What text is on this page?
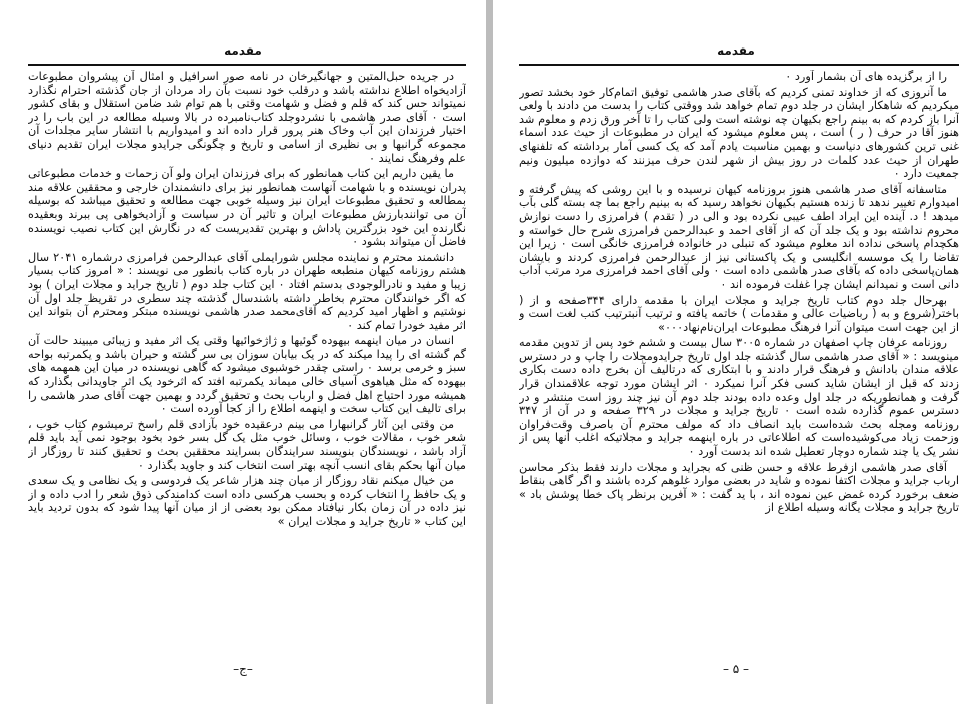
مقدمه

در جریده حبل‌المتین و جهانگیرخان در نامه صور اسرافیل و امثال آن پیشروان مطبوعات آزادیخواه اطلاع نداشته باشد و درقلب خود نسبت بآن راد مردان از جان گذشته احترام نگذارد نمیتواند حس کند که قلم و فضل و شهامت وقتی با هم توام شد ضامن استقلال و بقای کشور است ۰ آقای صدر هاشمی با نشردوجلد کتاب‌نامبرده در بالا وسیله مطالعه در این باب را در اختیار فرزندان این آب وخاک هنر پرور قرار داده اند و امیدواریم با انتشار سایر مجلدات آن مجموعه گرانبها و بی نظیری از اسامی و تاریخ و چگونگی جرایدو مجلات ایران تقدیم دنیای علم وفرهنگ نمایند ۰

ما یقین داریم این کتاب همانطور که برای فرزندان ایران ولو آن زحمات و خدمات مطبوعاتی پدران نویسنده و با شهامت آنهاست همانطور نیز برای دانشمندان خارجی و محققین علاقه مند بمطالعه و تحقیق مطبوعات ایران نیز وسیله خوبی جهت مطالعه و تحقیق میباشد که بوسیله آن می توانندبارزش مطبوعات ایران و تاثیر آن در سیاست و آزادیخواهی پی ببرند وبعقیده نگارنده این خود بزرگترین پاداش و بهترین تقدیریست که در نگارش این کتاب نصیب نویسنده فاضل آن میتواند بشود ۰

دانشمند محترم و نماینده مجلس شورایملی آقای عبدالرحمن فرامرزی درشماره ۲۰۴۱ سال هشتم روزنامه کیهان منطبعه طهران در باره کتاب بانطور می نویسند : « امروز کتاب بسیار زیبا و مفید و نادرالوجودی بدستم افتاد ۰ این کتاب جلد دوم ( تاریخ جراید و مجلات ایران ) بود که اگر خوانندگان محترم بخاطر داشته باشندسال گذشته چند سطری در تقریظ جلد اول آن نوشتیم و اظهار امید کردیم که آقای‌محمد صدر هاشمی نویسنده مبتکر ومحترم آن بتواند این اثر مفید خودرا تمام کند ۰

انسان در میان اینهمه بیهوده گوئیها و ژاژخوائیها وقتی یک اثر مفید و زیبائی میبیند حالت آن گم گشته ای را پیدا میکند که در یک بیابان سوزان بی سر گشته و حیران باشد و یکمرتبه بواحه سبز و خرمی برسد ۰ راستی چقدر خوشبوی میشود که گاهی نویسنده در میان این همهمه های بیهوده که مثل هیاهوی آسیای خالی میماند یکمرتبه افتد که اثرخود یک اثر جاویدانی بگذارد که همیشه مورد احتیاج اهل فضل و ارباب بحث و تحقیق گردد و بهمین جهت آقای صدر هاشمی را برای تالیف این کتاب سخت و اینهمه اطلاع را از کجا آورده است ۰

من وقتی این آثار گرانبهارا می بینم درعقیده خود بآزادی قلم راسخ ترمیشوم کتاب خوب ، شعر خوب ، مقالات خوب ، وسائل خوب مثل یک گل بسر خود بخود بوجود نمی آید باید قلم آزاد باشد ، نویسندگان بنویسند سرایندگان بسرایند محققین بحث و تحقیق کنند تا روزگار از میان آنها بحکم بقای انسب آنچه بهتر است انتخاب کند و جاوید بگذارد ۰

من خیال میکنم نقاد روزگار از میان چند هزار شاعر یک فردوسی و یک نظامی و یک سعدی و یک حافظ را انتخاب کرده و بحسب هرکسی داده است کدامندکی ذوق شعر را ادب داده و از نیز داده در آن زمان بکار نیافتاد ممکن بود بعضی از از میان آنها پیدا شود که بدون تردید باید این کتاب « تاریخ جراید و مجلات ایران »

–ج–
مقدمه

را از برگزیده های آن بشمار آورد ۰

ما آنروزی که از خداوند تمنی کردیم که بآقای صدر هاشمی توفیق اتمام‌کار خود بخشد تصور میکردیم که شاهکار ایشان در جلد دوم تمام خواهد شد ووقتی کتاب را بدست من دادند با ولعی آنرا باز کردم که به بینم راجع بکیهان چه نوشته است ولی کتاب را تا آخر ورق زدم و معلوم شد هنوز آقا در حرف ( ر ) است ، پس معلوم میشود که ایران در مطبوعات از حیث عدد اسماء غنی ترین کشورهای دنیاست و بهمین مناسبت یادم آمد که یک کسی آمار برداشته که تلفنهای طهران از حیث عدد کلمات در روز بیش از شهر لندن حرف میزنند که دوازده میلیون ونیم جمعیت دارد ۰

متاسفانه آقای صدر هاشمی هنوز بروزنامه کیهان نرسیده و با این روشی که پیش گرفته و امیدوارم تغییر ندهد تا زنده هستیم بکیهان نخواهد رسید که به بینیم راجع بما چه بسته گلی بآب میدهد ! د. آینده این ایراد اطف عیبی نکرده بود و الی در ( تقدم ) فرامرزی را دست نوازش محروم نداشته بود و یک جلد آن که از آقای احمد و عبدالرحمن فرامرزی شرح حال خواسته و هکچدام پاسخی نداده اند معلوم میشود که تنبلی در خانواده فرامرزی خانگی است ۰ زیرا این تقاضا را یک موسسه انگلیسی و یک پاکستانی نیز از عبدالرحمن فرامرزی کردند و بایشان همان‌پاسخی داده که بآقای صدر هاشمی داده است ۰ ولی آقای احمد فرامرزی مرد مرتب آداب دانی است و نمیدانم ایشان چرا غفلت فرموده اند ۰

بهرحال جلد دوم کتاب تاریخ جراید و مجلات ایران با مقدمه دارای ۳۴۴صفحه و از ( باختر(شروع و به ( رباضیات عالی و مقدمات ) خاتمه یافته و ترتیب آنبترتیب کتب لغت است و از این جهت است میتوان آنرا فرهنگ مطبوعات ایران‌نام‌نهاد۰۰۰»

روزنامه عرفان چاپ اصفهان در شماره ۳۰۰۵ سال بیست و ششم خود پس از تدوین مقدمه مینویسد : « آقای صدر هاشمی سال گذشته جلد اول تاریخ جرایدومجلات را چاپ و در دسترس علاقه مندان بادانش و فرهنگ قرار دادند و با ابتکاری که درتالیف آن بخرج داده دست بکاری زدند که قبل از ایشان شاید کسی فکر آنرا نمیکرد ۰ اثر ایشان مورد توجه علاقمندان قرار گرفت و همانطوریکه در جلد اول وعده داده بودند جلد دوم آن نیز چند روز است منتشر و در دسترس عموم گذارده شده است ۰ تاریخ جراید و مجلات در ۳۲۹ صفحه و در آن از ۳۴۷ روزنامه ومجله بحث شده‌است باید انصاف داد که مولف محترم آن باصرف وقت‌فراوان وزحمت زیاد می‌کوشیده‌است که اطلاعاتی در باره اینهمه جراید و مجلاتیکه اغلب آنها پس از نشر یک یا چند شماره دوچار تعطیل شده اند بدست آورد ۰

آقای صدر هاشمی ازفرط علاقه و حسن ظنی که بجراید و مجلات دارند فقط بذکر محاسن ارباب جراید و مجلات اکتفا نموده و شاید در بعضی موارد غلوهم کرده باشند و اگر گاهی بنقاط ضعف برخورد کرده غمض عین نموده اند ، با ید گفت : « آفرین برنظر پاک خطا پوشش باد » تاریخ جراید و مجلات یگانه وسیله اطلاع از

– ۵ –
